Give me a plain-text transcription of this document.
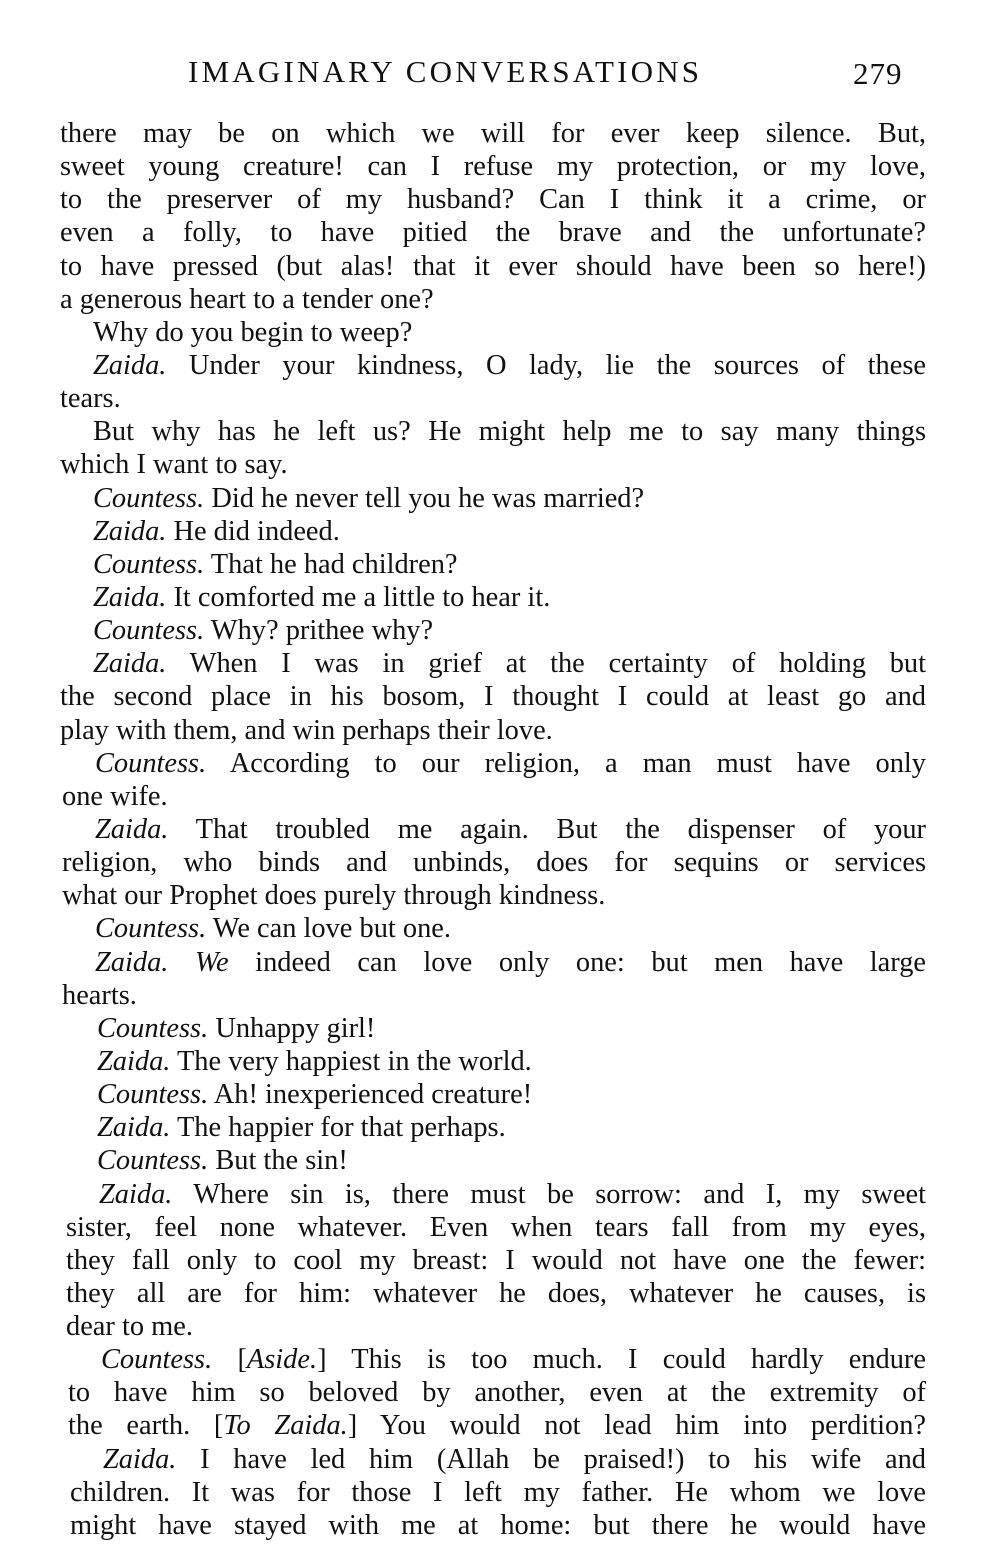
IMAGINARY CONVERSATIONS	279
there may be on which we will for ever keep silence. But,
sweet young creature! can I refuse my protection, or my love,
to the preserver of my husband? Can I think it a crime, or
even a folly, to have pitied the brave and the unfortunate?
to have pressed (but alas! that it ever should have been so here!)
a generous heart to a tender one?
Why do you begin to weep?
Zaida. Under your kindness, O lady, lie the sources of these
tears.
But why has he left us? He might help me to say many things
which I want to say.
Countess. Did he never tell you he was married?
Zaida. He did indeed.
Countess. That he had children?
Zaida. It comforted me a little to hear it.
Countess. Why? prithee why?
Zaida. When I was in grief at the certainty of holding but
the second place in his bosom, I thought I could at least go and
play with them, and win perhaps their love.
Countess. According to our religion, a man must have only
one wife.
Zaida. That troubled me again. But the dispenser of your
religion, who binds and unbinds, does for sequins or services
what our Prophet does purely through kindness.
Countess. We can love but one.
Zaida. We indeed can love only one: but men have large
hearts.
Countess. Unhappy girl!
Zaida. The very happiest in the world.
Countess. Ah! inexperienced creature!
Zaida. The happier for that perhaps.
Countess. But the sin!
Zaida. Where sin is, there must be sorrow: and I, my sweet
sister, feel none whatever. Even when tears fall from my eyes,
they fall only to cool my breast: I would not have one the fewer:
they all are for him: whatever he does, whatever he causes, is
dear to me.
Countess. [Aside.] This is too much. I could hardly endure
to have him so beloved by another, even at the extremity of
the earth. [To Zaida.] You would not lead him into perdition?
Zaida. I have led him (Allah be praised!) to his wife and
children. It was for those I left my father. He whom we love
might have stayed with me at home: but there he would have
